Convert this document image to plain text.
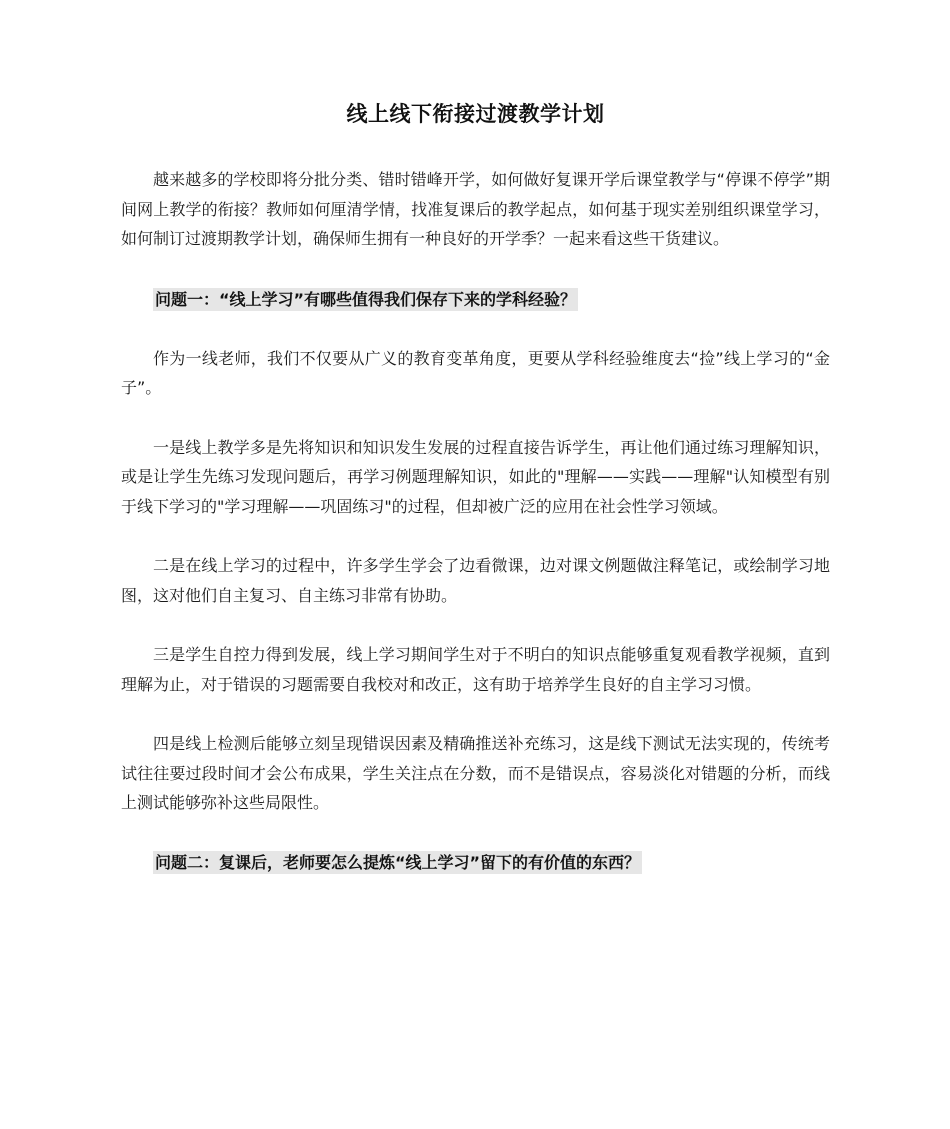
线上线下衔接过渡教学计划

越来越多的学校即将分批分类、错时错峰开学，如何做好复课开学后课堂教学与“停课不停学”期间网上教学的衔接？教师如何厘清学情，找准复课后的教学起点，如何基于现实差别组织课堂学习，如何制订过渡期教学计划，确保师生拥有一种良好的开学季？一起来看这些干货建议。

问题一：“线上学习”有哪些值得我们保存下来的学科经验？

作为一线老师，我们不仅要从广义的教育变革角度，更要从学科经验维度去“捡”线上学习的“金子”。

一是线上教学多是先将知识和知识发生发展的过程直接告诉学生，再让他们通过练习理解知识，或是让学生先练习发现问题后，再学习例题理解知识，如此的"理解——实践——理解"认知模型有别于线下学习的"学习理解——巩固练习"的过程，但却被广泛的应用在社会性学习领域。

二是在线上学习的过程中，许多学生学会了边看微课，边对课文例题做注释笔记，或绘制学习地图，这对他们自主复习、自主练习非常有协助。

三是学生自控力得到发展，线上学习期间学生对于不明白的知识点能够重复观看教学视频，直到理解为止，对于错误的习题需要自我校对和改正，这有助于培养学生良好的自主学习习惯。

四是线上检测后能够立刻呈现错误因素及精确推送补充练习，这是线下测试无法实现的，传统考试往往要过段时间才会公布成果，学生关注点在分数，而不是错误点，容易淡化对错题的分析，而线上测试能够弥补这些局限性。

问题二：复课后，老师要怎么提炼“线上学习”留下的有价值的东西？
